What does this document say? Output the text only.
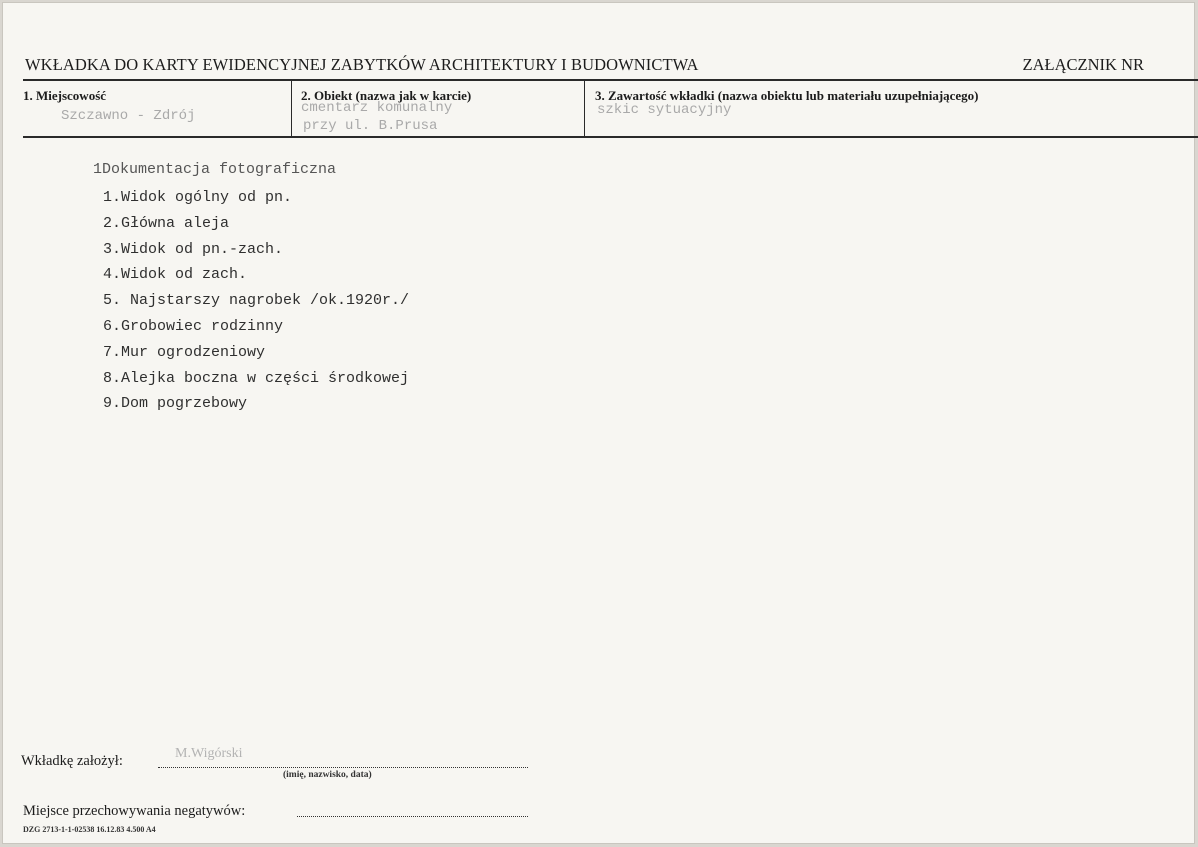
WKŁADKA DO KARTY EWIDENCYJNEJ ZABYTKÓW ARCHITEKTURY I BUDOWNICTWA	ZAŁĄCZNIK NR
1. Miejscowość
Szczawno - Zdrój
2. Obiekt (nazwa jak w karcie)
cmentarz komunalny
przy ul. B.Prusa
3. Zawartość wkładki (nazwa obiektu lub materiału uzupełniającego)
szkic sytuacyjny
1Dokumentacja fotograficzna
1.Widok ogólny od pn.
2.Główna aleja
3.Widok od pn.-zach.
4.Widok od zach.
5. Najstarszy nagrobek /ok.1920r./
6.Grobowiec rodzinny
7.Mur ogrodzeniowy
8.Alejka boczna w części środkowej
9.Dom pogrzebowy
Wkładkę założył:	M.Wigórski
(imię, nazwisko, data)
Miejsce przechowywania negatywów:
DZG 2713-1-1-02538 16.12.83 4.500 A4
